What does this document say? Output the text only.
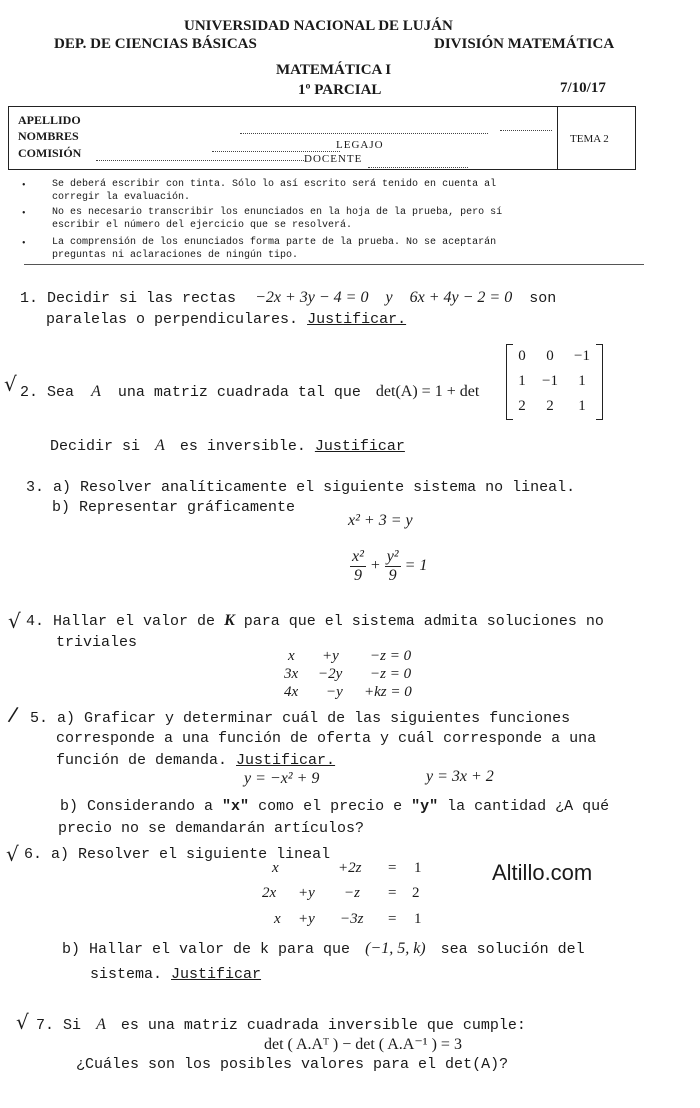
UNIVERSIDAD NACIONAL DE LUJÁN
DEP. DE CIENCIAS BÁSICAS	DIVISIÓN MATEMÁTICA
MATEMÁTICA I
1º PARCIAL	7/10/17
APELLIDO
NOMBRES
COMISIÓN
LEGAJO
DOCENTE
TEMA 2
•	Se deberá escribir con tinta. Sólo lo así escrito será tenido en cuenta al
corregir la evaluación.
•	No es necesario transcribir los enunciados en la hoja de la prueba, pero sí
escribir el número del ejercicio que se resolverá.
•	La comprensión de los enunciados forma parte de la prueba. No se aceptarán
preguntas ni aclaraciones de ningún tipo.
1. Decidir si las rectas −2x + 3y − 4 = 0 y 6x + 4y − 2 = 0 son
paralelas o perpendiculares. Justificar.
√ 2. Sea A una matriz cuadrada tal que det(A) = 1 + det
0	0	−1
1	−1	1
2	2	1
Decidir si A es inversible. Justificar
3. a) Resolver analíticamente el siguiente sistema no lineal.
b) Representar gráficamente
x² + 3 = y
$\frac{\text{x²}}{9} + \frac{\text{y²}}{9} = 1$
√ 4. Hallar el valor de K para que el sistema admita soluciones no
triviales
x +y −z = 0
3x −2y −z = 0
4x −y +kz = 0
/ 5. a) Graficar y determinar cuál de las siguientes funciones
corresponde a una función de oferta y cuál corresponde a una
función de demanda. Justificar.
y = −x² + 9	y = 3x + 2
b) Considerando a "x" como el precio e "y" la cantidad ¿A qué
precio no se demandarán artículos?
√ 6. a) Resolver el siguiente lineal
x	+2z = 1
2x +y −z = 2
x +y −3z = 1
b) Hallar el valor de k para que (−1, 5, k) sea solución del
sistema. Justificar
Altillo.com
√ 7. Si A es una matriz cuadrada inversible que cumple:
det ( A.Aᵀ ) − det ( A.A⁻¹ ) = 3
¿Cuáles son los posibles valores para el det(A)?
